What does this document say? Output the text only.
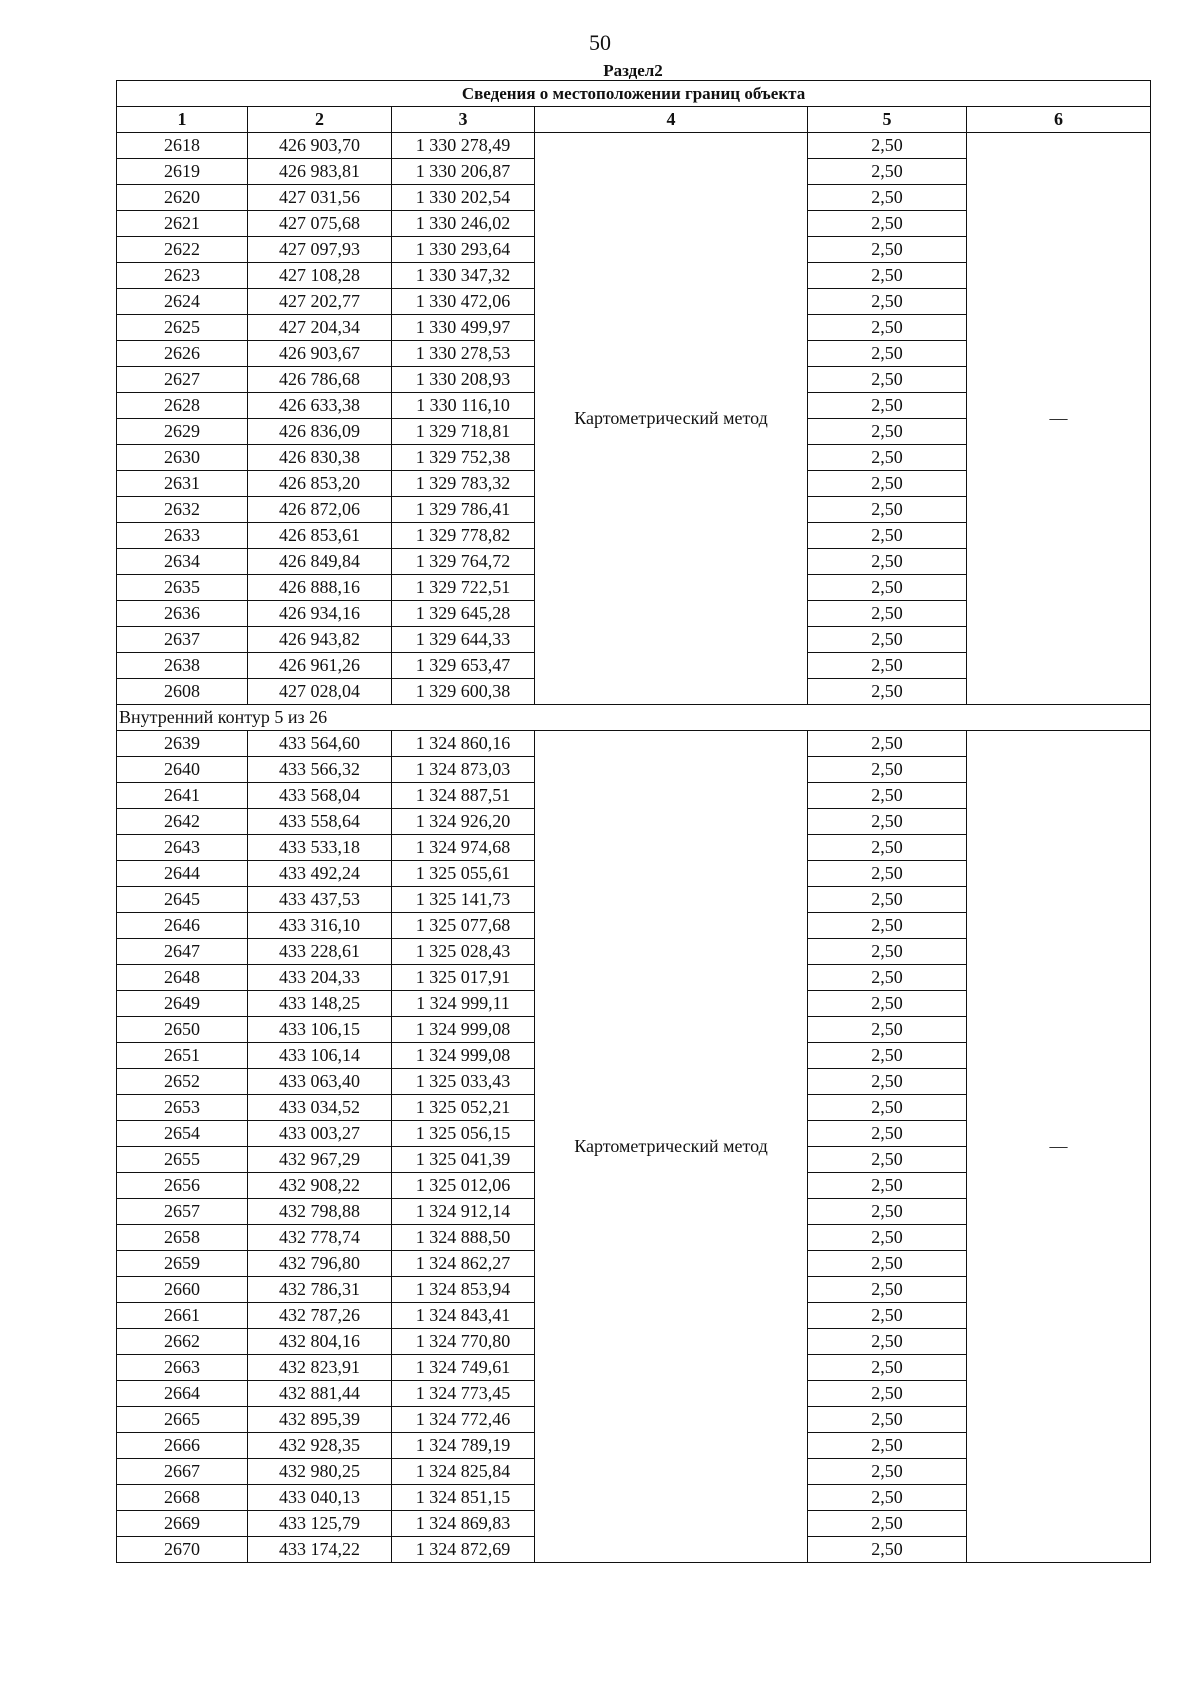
50
Раздел2
Сведения о местоположении границ объекта					
1	2	3	4	5	6
2618	426 903,70	1 330 278,49	Картометрический метод	2,50	—
2619	426 983,81	1 330 206,87		2,50	
2620	427 031,56	1 330 202,54		2,50	
2621	427 075,68	1 330 246,02		2,50	
2622	427 097,93	1 330 293,64		2,50	
2623	427 108,28	1 330 347,32		2,50	
2624	427 202,77	1 330 472,06		2,50	
2625	427 204,34	1 330 499,97		2,50	
2626	426 903,67	1 330 278,53		2,50	
2627	426 786,68	1 330 208,93		2,50	
2628	426 633,38	1 330 116,10		2,50	
2629	426 836,09	1 329 718,81		2,50	
2630	426 830,38	1 329 752,38		2,50	
2631	426 853,20	1 329 783,32		2,50	
2632	426 872,06	1 329 786,41		2,50	
2633	426 853,61	1 329 778,82		2,50	
2634	426 849,84	1 329 764,72		2,50	
2635	426 888,16	1 329 722,51		2,50	
2636	426 934,16	1 329 645,28		2,50	
2637	426 943,82	1 329 644,33		2,50	
2638	426 961,26	1 329 653,47		2,50	
2608	427 028,04	1 329 600,38		2,50	
Внутренний контур 5 из 26					
2639	433 564,60	1 324 860,16	Картометрический метод	2,50	—
2640	433 566,32	1 324 873,03		2,50	
2641	433 568,04	1 324 887,51		2,50	
2642	433 558,64	1 324 926,20		2,50	
2643	433 533,18	1 324 974,68		2,50	
2644	433 492,24	1 325 055,61		2,50	
2645	433 437,53	1 325 141,73		2,50	
2646	433 316,10	1 325 077,68		2,50	
2647	433 228,61	1 325 028,43		2,50	
2648	433 204,33	1 325 017,91		2,50	
2649	433 148,25	1 324 999,11		2,50	
2650	433 106,15	1 324 999,08		2,50	
2651	433 106,14	1 324 999,08		2,50	
2652	433 063,40	1 325 033,43		2,50	
2653	433 034,52	1 325 052,21		2,50	
2654	433 003,27	1 325 056,15		2,50	
2655	432 967,29	1 325 041,39		2,50	
2656	432 908,22	1 325 012,06		2,50	
2657	432 798,88	1 324 912,14		2,50	
2658	432 778,74	1 324 888,50		2,50	
2659	432 796,80	1 324 862,27		2,50	
2660	432 786,31	1 324 853,94		2,50	
2661	432 787,26	1 324 843,41		2,50	
2662	432 804,16	1 324 770,80		2,50	
2663	432 823,91	1 324 749,61		2,50	
2664	432 881,44	1 324 773,45		2,50	
2665	432 895,39	1 324 772,46		2,50	
2666	432 928,35	1 324 789,19		2,50	
2667	432 980,25	1 324 825,84		2,50	
2668	433 040,13	1 324 851,15		2,50	
2669	433 125,79	1 324 869,83		2,50	
2670	433 174,22	1 324 872,69		2,50	
